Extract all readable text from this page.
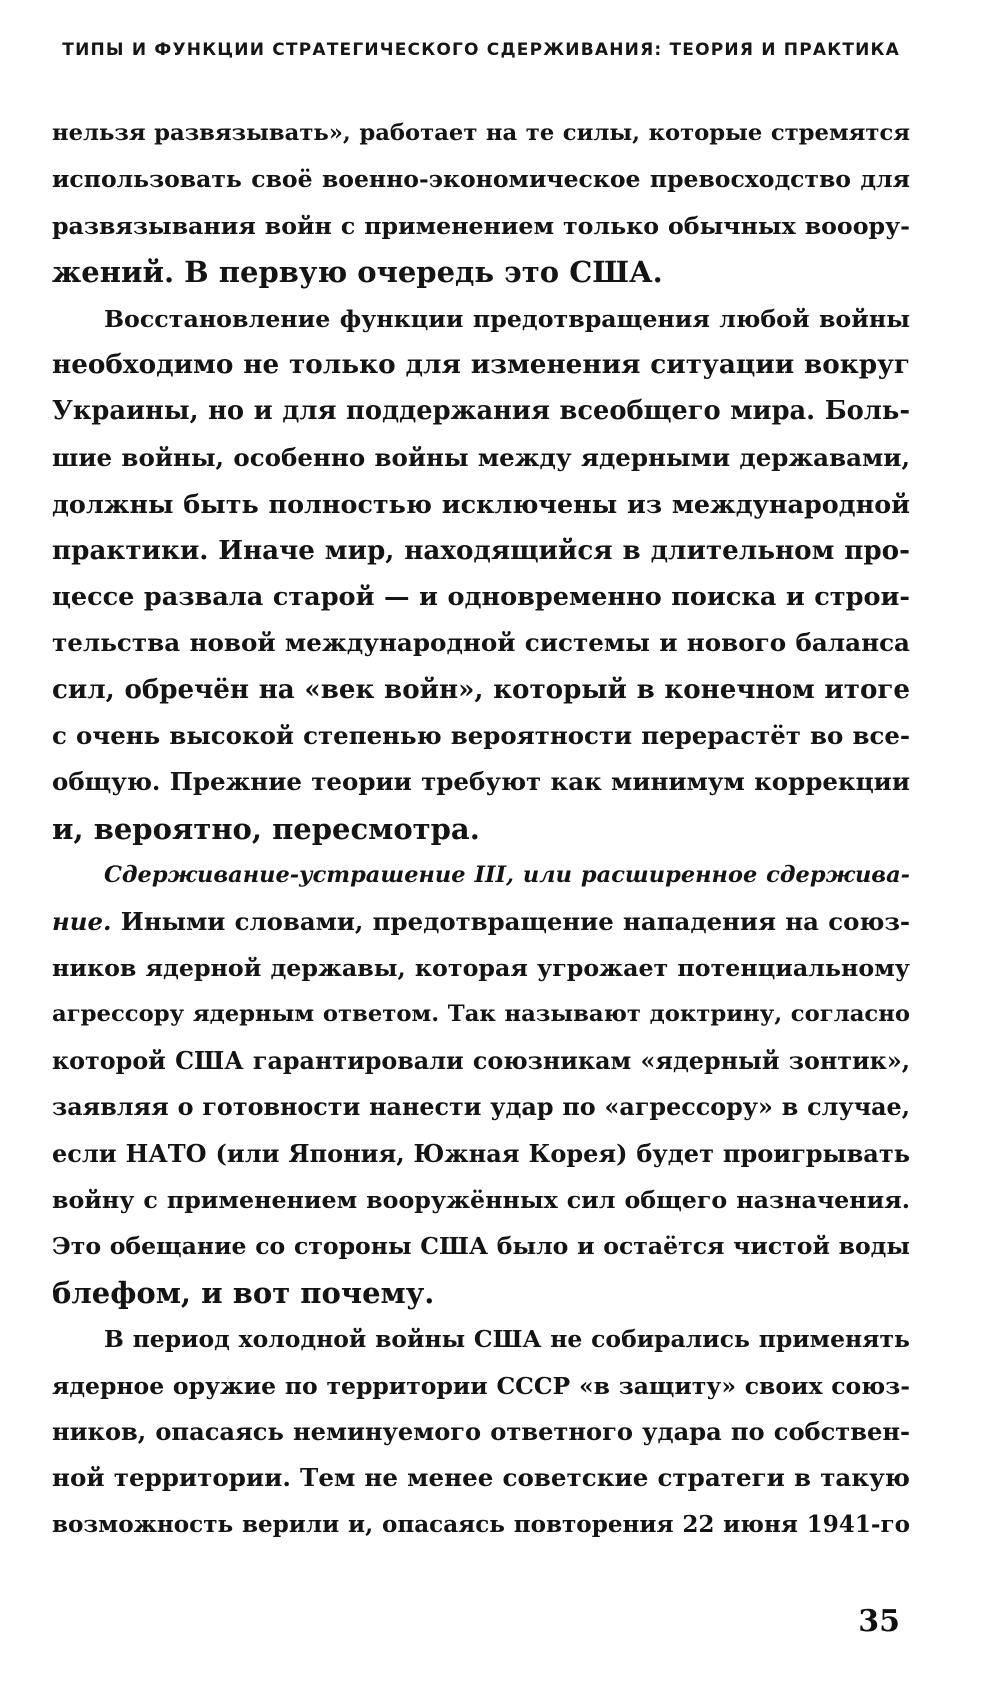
ТИПЫ И ФУНКЦИИ СТРАТЕГИЧЕСКОГО СДЕРЖИВАНИЯ: ТЕОРИЯ И ПРАКТИКА
нельзя развязывать», работает на те силы, которые стремятся
использовать своё военно-экономическое превосходство для
развязывания войн с применением только обычных вооору-
жений. В первую очередь это США.
Восстановление функции предотвращения любой войны
необходимо не только для изменения ситуации вокруг
Украины, но и для поддержания всеобщего мира. Боль-
шие войны, особенно войны между ядерными державами,
должны быть полностью исключены из международной
практики. Иначе мир, находящийся в длительном про-
цессе развала старой — и одновременно поиска и строи-
тельства новой международной системы и нового баланса
сил, обречён на «век войн», который в конечном итоге
с очень высокой степенью вероятности перерастёт во все-
общую. Прежние теории требуют как минимум коррекции
и, вероятно, пересмотра.
Сдерживание-устрашение III, или расширенное сдержива-
ние. Иными словами, предотвращение нападения на союз-
ников ядерной державы, которая угрожает потенциальному
агрессору ядерным ответом. Так называют доктрину, согласно
которой США гарантировали союзникам «ядерный зонтик»,
заявляя о готовности нанести удар по «агрессору» в случае,
если НАТО (или Япония, Южная Корея) будет проигрывать
войну с применением вооружённых сил общего назначения.
Это обещание со стороны США было и остаётся чистой воды
блефом, и вот почему.
В период холодной войны США не собирались применять
ядерное оружие по территории СССР «в защиту» своих союз-
ников, опасаясь неминуемого ответного удара по собствен-
ной территории. Тем не менее советские стратеги в такую
возможность верили и, опасаясь повторения 22 июня 1941-го
35
